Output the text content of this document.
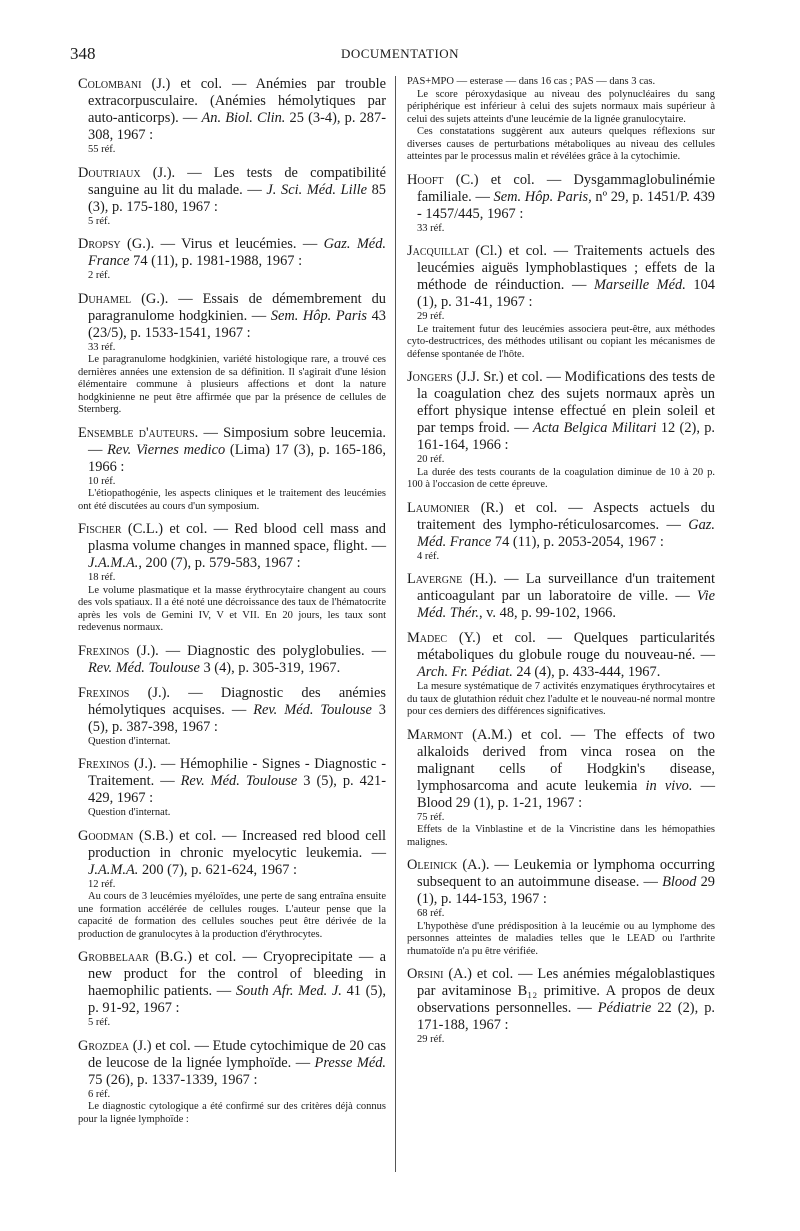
348	DOCUMENTATION

Colombani (J.) et col. — Anémies par trouble extracorpusculaire. (Anémies hémolytiques par auto-anticorps). — An. Biol. Clin. 25 (3-4), p. 287-308, 1967 :

55 réf.

Doutriaux (J.). — Les tests de compatibilité sanguine au lit du malade. — J. Sci. Méd. Lille 85 (3), p. 175-180, 1967 :

5 réf.

Dropsy (G.). — Virus et leucémies. — Gaz. Méd. France 74 (11), p. 1981-1988, 1967 :

2 réf.

Duhamel (G.). — Essais de démembrement du paragranulome hodgkinien. — Sem. Hôp. Paris 43 (23/5), p. 1533-1541, 1967 :

33 réf.

Le paragranulome hodgkinien, variété histologique rare, a trouvé ces dernières années une extension de sa définition. Il s'agirait d'une lésion élémentaire commune à plusieurs affections et dont la nature hodgkinienne ne peut être affirmée que par la présence de cellules de Sternberg.

Ensemble d'auteurs. — Simposium sobre leucemia. — Rev. Viernes medico (Lima) 17 (3), p. 165-186, 1966 :

10 réf.

L'étiopathogénie, les aspects cliniques et le traitement des leucémies ont été discutées au cours d'un symposium.

Fischer (C.L.) et col. — Red blood cell mass and plasma volume changes in manned space, flight. — J.A.M.A., 200 (7), p. 579-583, 1967 :

18 réf.

Le volume plasmatique et la masse érythrocytaire changent au cours des vols spatiaux. Il a été noté une décroissance des taux de l'hématocrite après les vols de Gemini IV, V et VII. En 20 jours, les taux sont redevenus normaux.

Frexinos (J.). — Diagnostic des polyglobulies. — Rev. Méd. Toulouse 3 (4), p. 305-319, 1967.

Frexinos (J.). — Diagnostic des anémies hémolytiques acquises. — Rev. Méd. Toulouse 3 (5), p. 387-398, 1967 :

Question d'internat.

Frexinos (J.). — Hémophilie - Signes - Diagnostic - Traitement. — Rev. Méd. Toulouse 3 (5), p. 421-429, 1967 :

Question d'internat.

Goodman (S.B.) et col. — Increased red blood cell production in chronic myelocytic leukemia. — J.A.M.A. 200 (7), p. 621-624, 1967 :

12 réf.

Au cours de 3 leucémies myéloïdes, une perte de sang entraîna ensuite une formation accélérée de cellules rouges. L'auteur pense que la capacité de formation des cellules souches peut être dérivée de la production de granulocytes à la production d'érythrocytes.

Grobbelaar (B.G.) et col. — Cryoprecipitate — a new product for the control of bleeding in haemophilic patients. — South Afr. Med. J. 41 (5), p. 91-92, 1967 :

5 réf.

Grozdea (J.) et col. — Etude cytochimique de 20 cas de leucose de la lignée lymphoïde. — Presse Méd. 75 (26), p. 1337-1339, 1967 :

6 réf.

Le diagnostic cytologique a été confirmé sur des critères déjà connus pour la lignée lymphoïde :

PAS+MPO — esterase — dans 16 cas ; PAS — dans 3 cas.

Le score péroxydasique au niveau des polynucléaires du sang périphérique est inférieur à celui des sujets normaux mais supérieur à celui des sujets atteints d'une leucémie de la lignée granulocytaire.

Ces constatations suggèrent aux auteurs quelques réflexions sur diverses causes de perturbations métaboliques au niveau des cellules atteintes par le processus malin et révélées grâce à la cytochimie.

Hooft (C.) et col. — Dysgammaglobulinémie familiale. — Sem. Hôp. Paris, nº 29, p. 1451/P. 439 - 1457/445, 1967 :

33 réf.

Jacquillat (Cl.) et col. — Traitements actuels des leucémies aiguës lymphoblastiques ; effets de la méthode de réinduction. — Marseille Méd. 104 (1), p. 31-41, 1967 :

29 réf.

Le traitement futur des leucémies associera peut-être, aux méthodes cyto-destructrices, des méthodes utilisant ou copiant les mécanismes de défense spontanée de l'hôte.

Jongers (J.J. Sr.) et col. — Modifications des tests de la coagulation chez des sujets normaux après un effort physique intense effectué en plein soleil et par temps froid. — Acta Belgica Militari 12 (2), p. 161-164, 1966 :

20 réf.

La durée des tests courants de la coagulation diminue de 10 à 20 p. 100 à l'occasion de cette épreuve.

Laumonier (R.) et col. — Aspects actuels du traitement des lympho-réticulosarcomes. — Gaz. Méd. France 74 (11), p. 2053-2054, 1967 :

4 réf.

Lavergne (H.). — La surveillance d'un traitement anticoagulant par un laboratoire de ville. — Vie Méd. Thér., v. 48, p. 99-102, 1966.

Madec (Y.) et col. — Quelques particularités métaboliques du globule rouge du nouveau-né. — Arch. Fr. Pédiat. 24 (4), p. 433-444, 1967.

La mesure systématique de 7 activités enzymatiques érythrocytaires et du taux de glutathion réduit chez l'adulte et le nouveau-né normal montre pour ces derniers des différences significatives.

Marmont (A.M.) et col. — The effects of two alkaloids derived from vinca rosea on the malignant cells of Hodgkin's disease, lymphosarcoma and acute leukemia in vivo. — Blood 29 (1), p. 1-21, 1967 :

75 réf.

Effets de la Vinblastine et de la Vincristine dans les hémopathies malignes.

Oleinick (A.). — Leukemia or lymphoma occurring subsequent to an autoimmune disease. — Blood 29 (1), p. 144-153, 1967 :

68 réf.

L'hypothèse d'une prédisposition à la leucémie ou au lymphome des personnes atteintes de maladies telles que le LEAD ou l'arthrite rhumatoïde n'a pu être vérifiée.

Orsini (A.) et col. — Les anémies mégaloblastiques par avitaminose B₁₂ primitive. A propos de deux observations personnelles. — Pédiatrie 22 (2), p. 171-188, 1967 :

29 réf.
